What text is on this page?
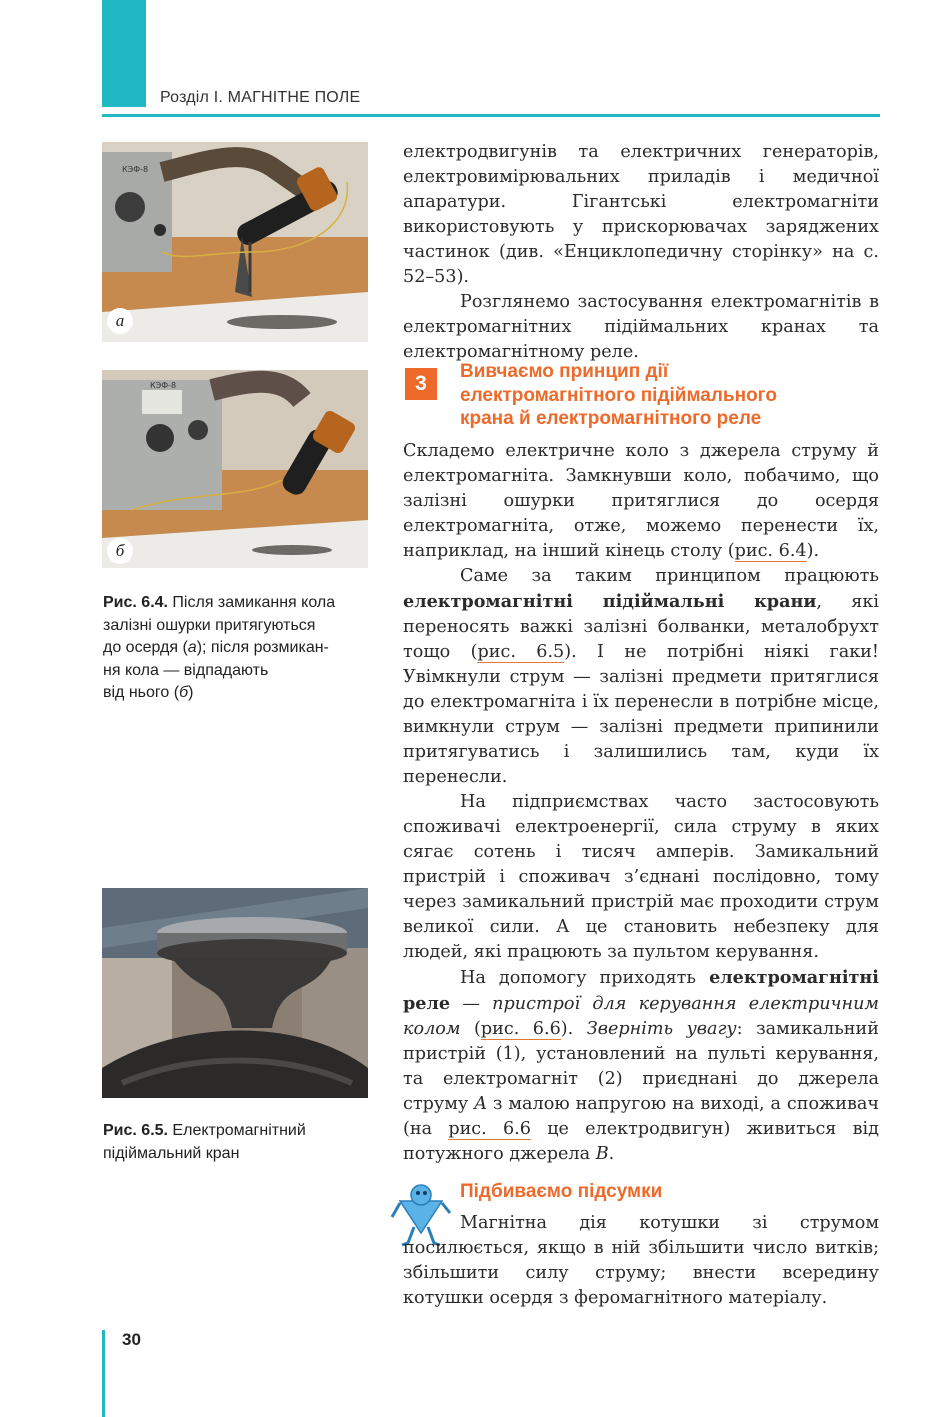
Розділ І. МАГНІТНЕ ПОЛЕ
КЭФ-8
а
КЭФ-8
б
Рис. 6.4. Після замикання кола
залізні ошурки притягуються
до осердя (а); після розмикан-
ня кола — відпадають
від нього (б)
Рис. 6.5. Електромагнітний
підіймальний кран

електродвигунів та електричних генераторів, електровимірювальних приладів і медичної апаратури. Гігантські електромагніти використовують у прискорювачах заряджених частинок (див. «Енциклопедичну сторінку» на с. 52–53).

Розглянемо застосування електромагнітів в електромагнітних підіймальних кранах та електромагнітному реле.

3
Вивчаємо принцип дії
електромагнітного підіймального
крана й електромагнітного реле

Складемо електричне коло з джерела струму й електромагніта. Замкнувши коло, побачимо, що залізні ошурки притяглися до осердя електромагніта, отже, можемо перенести їх, наприклад, на інший кінець столу (рис. 6.4).

Саме за таким принципом працюють електромагнітні підіймальні крани, які переносять важкі залізні болванки, металобрухт тощо (рис. 6.5). І не потрібні ніякі гаки! Увімкнули струм — залізні предмети притяглися до електромагніта і їх перенесли в потрібне місце, вимкнули струм — залізні предмети припинили притягуватись і залишились там, куди їх перенесли.

На підприємствах часто застосовують споживачі електроенергії, сила струму в яких сягає сотень і тисяч амперів. Замикальний пристрій і споживач з’єднані послідовно, тому через замикальний пристрій має проходити струм великої сили. А це становить небезпеку для людей, які працюють за пультом керування.

На допомогу приходять електромагнітні реле — пристрої для керування електричним колом (рис. 6.6). Зверніть увагу: замикальний пристрій (1), установлений на пульті керування, та електромагніт (2) приєднані до джерела струму A з малою напругою на виході, а споживач (на рис. 6.6 це електродвигун) живиться від потужного джерела B.

Підбиваємо підсумки

Магнітна дія котушки зі струмом посилюється, якщо в ній збільшити число витків; збільшити силу струму; внести всередину котушки осердя з феромагнітного матеріалу.

30
